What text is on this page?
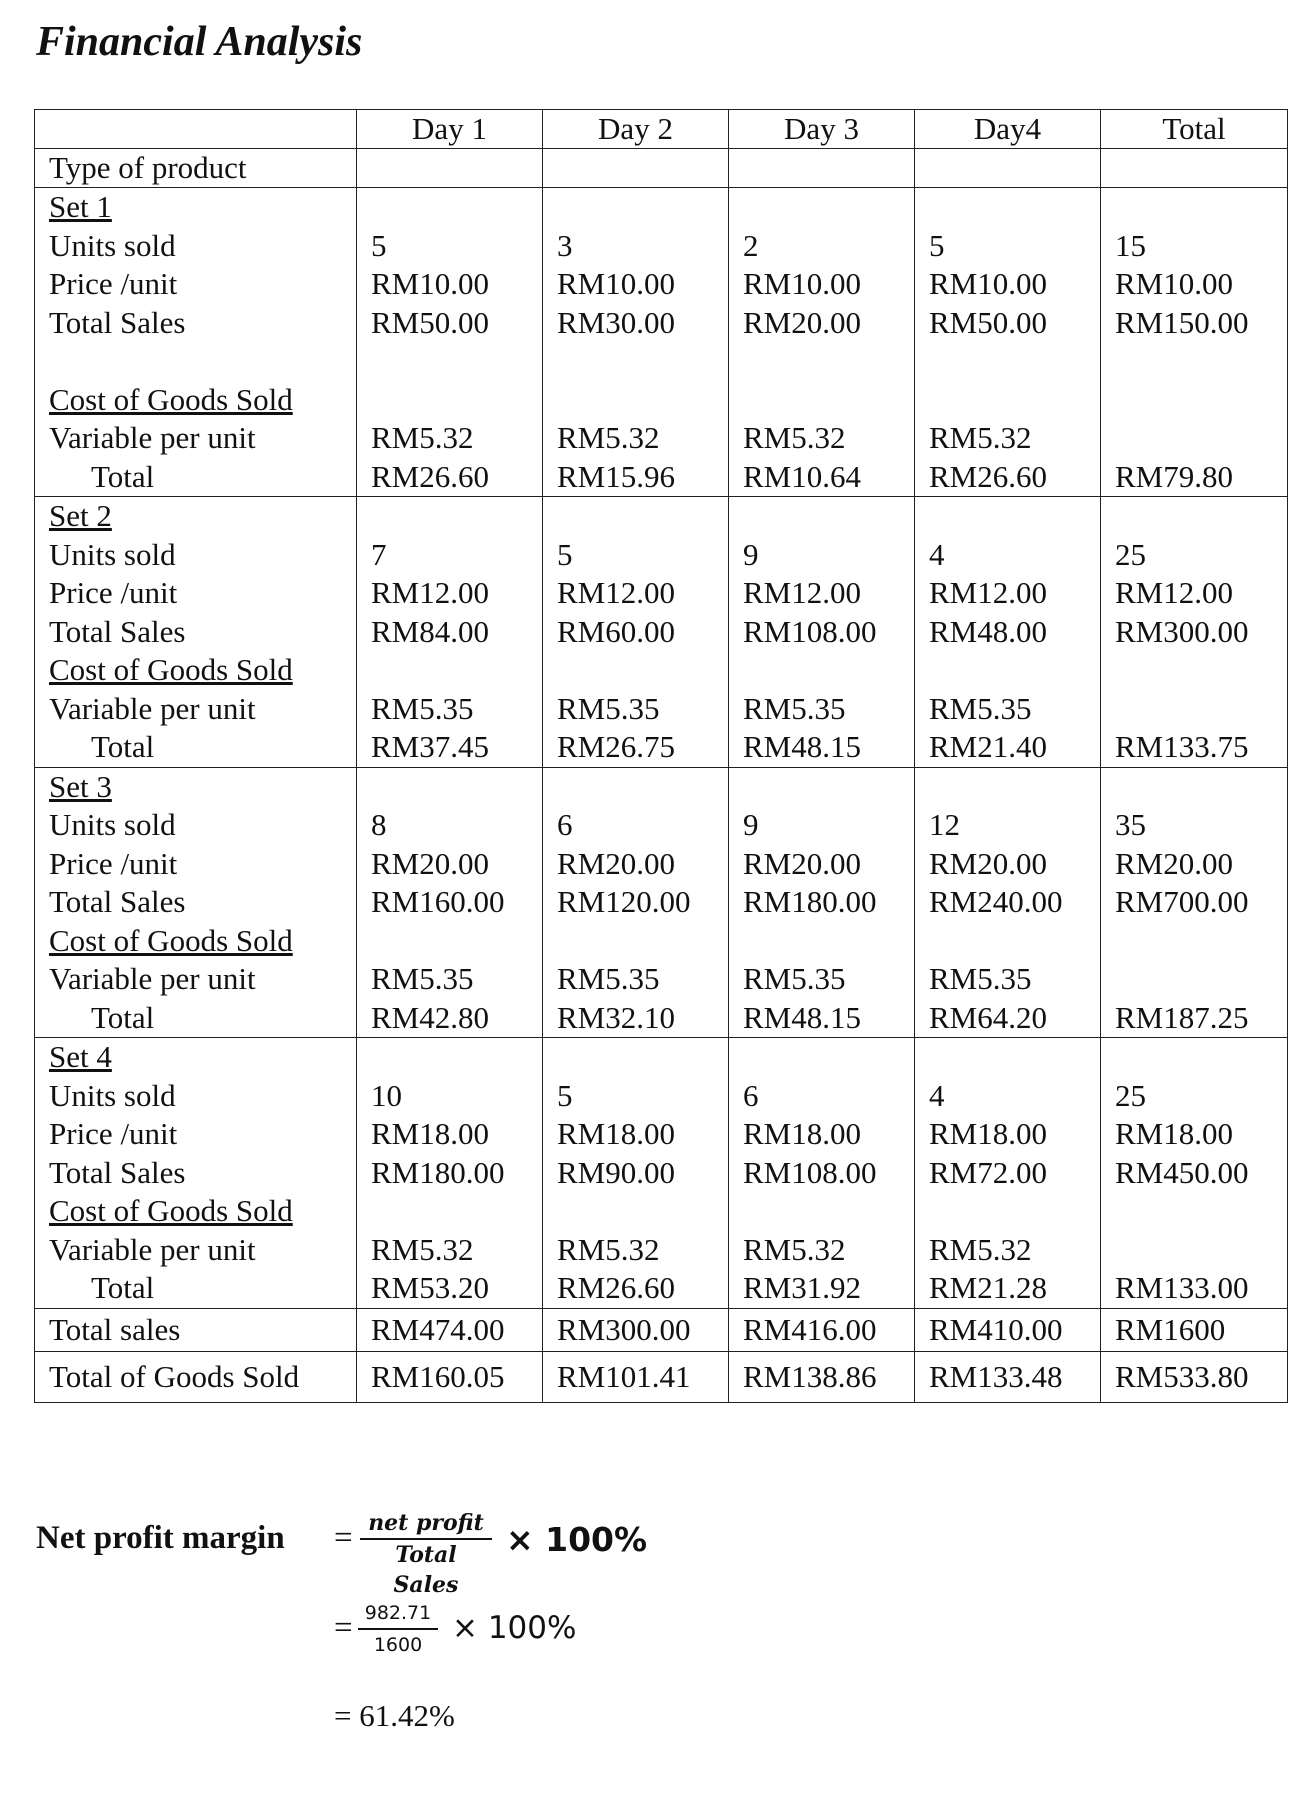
Financial Analysis
	Day 1	Day 2	Day 3	Day4	Total
Type of product					
Set 1					
Units sold	5	3	2	5	15
Price /unit	RM10.00	RM10.00	RM10.00	RM10.00	RM10.00
Total Sales	RM50.00	RM30.00	RM20.00	RM50.00	RM150.00

Cost of Goods Sold					
Variable per unit	RM5.32	RM5.32	RM5.32	RM5.32	
Total	RM26.60	RM15.96	RM10.64	RM26.60	RM79.80
Set 2					
Units sold	7	5	9	4	25
Price /unit	RM12.00	RM12.00	RM12.00	RM12.00	RM12.00
Total Sales	RM84.00	RM60.00	RM108.00	RM48.00	RM300.00
Cost of Goods Sold					
Variable per unit	RM5.35	RM5.35	RM5.35	RM5.35	
Total	RM37.45	RM26.75	RM48.15	RM21.40	RM133.75
Set 3					
Units sold	8	6	9	12	35
Price /unit	RM20.00	RM20.00	RM20.00	RM20.00	RM20.00
Total Sales	RM160.00	RM120.00	RM180.00	RM240.00	RM700.00
Cost of Goods Sold					
Variable per unit	RM5.35	RM5.35	RM5.35	RM5.35	
Total	RM42.80	RM32.10	RM48.15	RM64.20	RM187.25
Set 4					
Units sold	10	5	6	4	25
Price /unit	RM18.00	RM18.00	RM18.00	RM18.00	RM18.00
Total Sales	RM180.00	RM90.00	RM108.00	RM72.00	RM450.00
Cost of Goods Sold					
Variable per unit	RM5.32	RM5.32	RM5.32	RM5.32	
Total	RM53.20	RM26.60	RM31.92	RM21.28	RM133.00
Total sales	RM474.00	RM300.00	RM416.00	RM410.00	RM1600
Total of Goods Sold	RM160.05	RM101.41	RM138.86	RM133.48	RM533.80
Net profit margin = net profit
Total Sales
× 100%
= 982.71
1600 × 100%
= 61.42%
